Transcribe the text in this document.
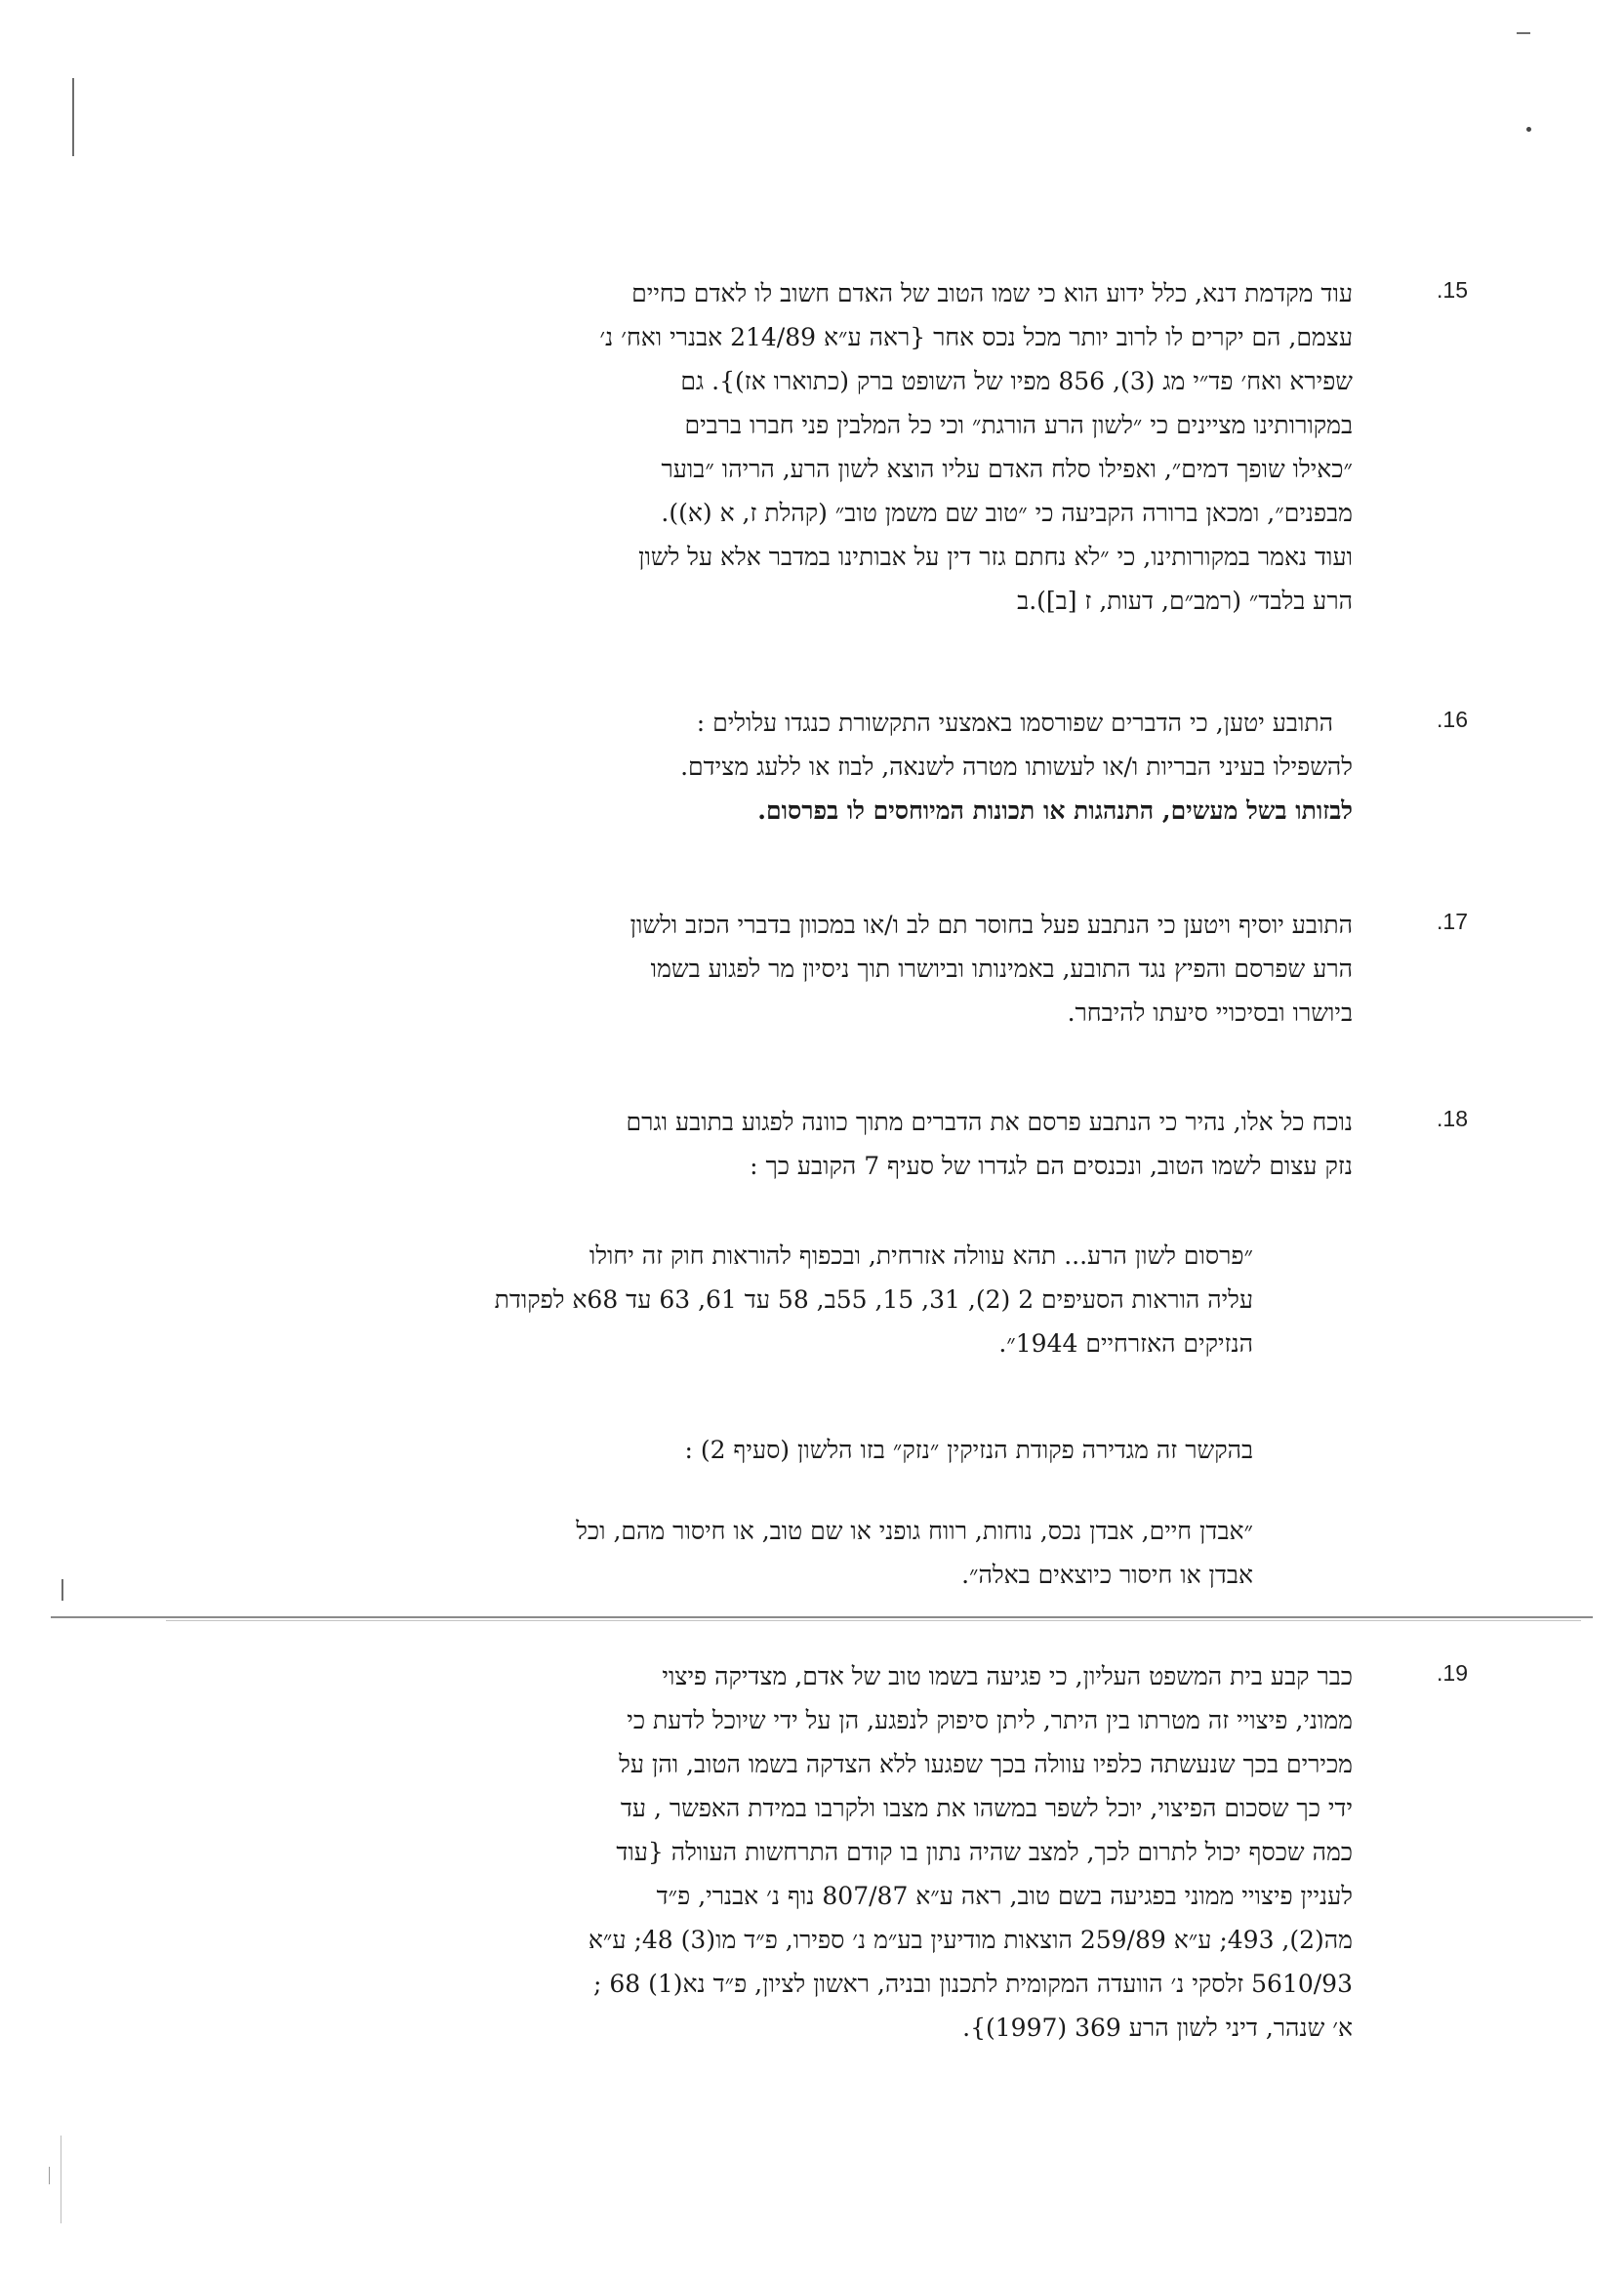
.15
עוד מקדמת דנא, כלל ידוע הוא כי שמו הטוב של האדם חשוב לו לאדם כחיים
עצמם, הם יקרים לו לרוב יותר מכל נכס אחר {ראה ע״א 214/89 אבנרי ואח׳ נ׳
שפירא ואח׳ פד״י מג (3), 856 מפיו של השופט ברק (כתוארו אז)}. גם
במקורותינו מציינים כי ״לשון הרע הורגת״ וכי כל המלבין פני חברו ברבים
״כאילו שופך דמים״, ואפילו סלח האדם עליו הוצא לשון הרע, הריהו ״בוער
מבפנים״, ומכאן ברורה הקביעה כי ״טוב שם משמן טוב״ (קהלת ז, א (א)).
ועוד נאמר במקורותינו, כי ״לא נחתם גזר דין על אבותינו במדבר אלא על לשון
הרע בלבד״ (רמב״ם, דעות, ז [ב]).ב
.16
התובע יטען, כי הדברים שפורסמו באמצעי התקשורת כנגדו עלולים :
להשפילו בעיני הבריות ו/או לעשותו מטרה לשנאה, לבוז או ללעג מצידם.
לבזותו בשל מעשים, התנהגות או תכונות המיוחסים לו בפרסום.
.17
התובע יוסיף ויטען כי הנתבע פעל בחוסר תם לב ו/או במכוון בדברי הכזב ולשון
הרע שפרסם והפיץ נגד התובע, באמינותו וביושרו תוך ניסיון מר לפגוע בשמו
ביושרו ובסיכויי סיעתו להיבחר.
.18
נוכח כל אלו, נהיר כי הנתבע פרסם את הדברים מתוך כוונה לפגוע בתובע וגרם
נזק עצום לשמו הטוב, ונכנסים הם לגדרו של סעיף 7 הקובע כך :
״פרסום לשון הרע... תהא עוולה אזרחית, ובכפוף להוראות חוק זה יחולו
עליה הוראות הסעיפים 2 (2), 31, 15, 55ב, 58 עד 61, 63 עד 68א לפקודת
הנזיקים האזרחיים 1944״.
בהקשר זה מגדירה פקודת הנזיקין ״נזק״ בזו הלשון (סעיף 2) :
״אבדן חיים, אבדן נכס, נוחות, רווח גופני או שם טוב, או חיסור מהם, וכל
אבדן או חיסור כיוצאים באלה״.
.19
כבר קבע בית המשפט העליון, כי פגיעה בשמו טוב של אדם, מצדיקה פיצוי
ממוני, פיצויי זה מטרתו בין היתר, ליתן סיפוק לנפגע, הן על ידי שיוכל לדעת כי
מכירים בכך שנעשתה כלפיו עוולה בכך שפגעו ללא הצדקה בשמו הטוב, והן על
ידי כך שסכום הפיצוי, יוכל לשפר במשהו את מצבו ולקרבו במידת האפשר , עד
כמה שכסף יכול לתרום לכך, למצב שהיה נתון בו קודם התרחשות העוולה {עוד
לעניין פיצויי ממוני בפגיעה בשם טוב, ראה ע״א 807/87 נוף נ׳ אבנרי, פ״ד
מה(2), 493; ע״א 259/89 הוצאות מודיעין בע״מ נ׳ ספירו, פ״ד מו(3) 48; ע״א
5610/93 זלסקי נ׳ הוועדה המקומית לתכנון ובניה, ראשון לציון, פ״ד נא(1) 68 ;
א׳ שנהר, דיני לשון הרע 369 (1997)}.
